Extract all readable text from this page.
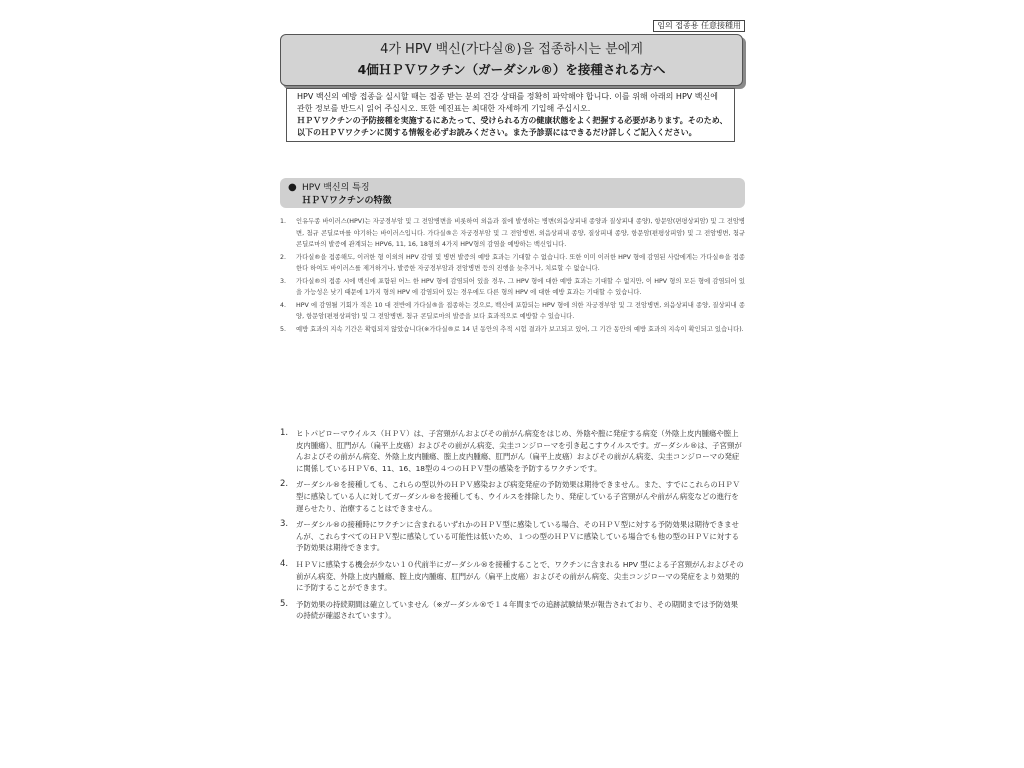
임의 접종용 任意接種用
4가 HPV 백신(가다실®)을 접종하시는 분에게
4価ＨＰＶワクチン（ガーダシル®）を接種される方へ

HPV 백신의 예방 접종을 실시할 때는 접종 받는 분의 건강 상태를 정확히 파악해야 합니다. 이를 위해 아래의 HPV 백신에 관한 정보를 반드시 읽어 주십시오. 또한 예진표는 최대한 자세하게 기입해 주십시오.

ＨＰＶワクチンの予防接種を実施するにあたって、受けられる方の健康状態をよく把握する必要があります。そのため、以下のＨＰＶワクチンに関する情報を必ずお読みください。また予診票にはできるだけ詳しくご記入ください。

● HPV 백신의 특징
ＨＰＶワクチンの特徴
1. 인유두종 바이러스(HPV)는 자궁경부암 및 그 전암병변을 비롯하여 외음과 질에 발생하는 병변(외음상피내 종양과 질상피내 종양), 항문암(편평상피암) 및 그 전암병변, 첨규 콘딜로마를 야기하는 바이러스입니다. 가다실®은 자궁경부암 및 그 전암병변, 외음상피내 종양, 질상피내 종양, 항문암(편평상피암) 및 그 전암병변, 첨규 콘딜로마의 발증에 관계되는 HPV6, 11, 16, 18형의 4가지 HPV형의 감염을 예방하는 백신입니다.
2. 가다실®을 접종해도, 이러한 형 이외의 HPV 감염 및 병변 발증의 예방 효과는 기대할 수 없습니다. 또한 이미 이러한 HPV 형에 감염된 사람에게는 가다실®을 접종한다 하여도 바이러스를 제거하거나, 발증한 자궁경부암과 전암병변 등의 진행을 늦추거나, 치료할 수 없습니다.
3. 가다실®의 접종 시에 백신에 포함된 어느 한 HPV 형에 감염되어 있을 경우, 그 HPV 형에 대한 예방 효과는 기대할 수 없지만, 이 HPV 형의 모든 형에 감염되어 있을 가능성은 낮기 때문에 1가지 형의 HPV 에 감염되어 있는 경우에도 다른 형의 HPV 에 대한 예방 효과는 기대할 수 있습니다.
4. HPV 에 감염될 기회가 적은 10 대 전반에 가다실®을 접종하는 것으로, 백신에 포함되는 HPV 형에 의한 자궁경부암 및 그 전암병변, 외음상피내 종양, 질상피내 종양, 항문암(편평상피암) 및 그 전암병변, 첨규 콘딜로마의 발증을 보다 효과적으로 예방할 수 있습니다.
5. 예방 효과의 지속 기간은 확립되지 않았습니다(※가다실®로 14 년 동안의 추적 시험 결과가 보고되고 있어, 그 기간 동안의 예방 효과의 지속이 확인되고 있습니다).
1. ヒトパピローマウイルス（ＨＰＶ）は、子宮頸がんおよびその前がん病変をはじめ、外陰や膣に発症する病変（外陰上皮内腫瘍や膣上皮内腫瘍）、肛門がん（扁平上皮癌）およびその前がん病変、尖圭コンジローマを引き起こすウイルスです。ガーダシル®は、子宮頸がんおよびその前がん病変、外陰上皮内腫瘍、膣上皮内腫瘍、肛門がん（扁平上皮癌）およびその前がん病変、尖圭コンジローマの発症に関係しているＨＰＶ6、11、16、18型の４つのＨＰＶ型の感染を予防するワクチンです。
2. ガーダシル®を接種しても、これらの型以外のＨＰＶ感染および病変発症の予防効果は期待できません。また、すでにこれらのＨＰＶ型に感染している人に対してガーダシル®を接種しても、ウイルスを排除したり、発症している子宮頸がんや前がん病変などの進行を遅らせたり、治療することはできません。
3. ガーダシル®の接種時にワクチンに含まれるいずれかのＨＰＶ型に感染している場合、そのＨＰＶ型に対する予防効果は期待できませんが、これらすべてのＨＰＶ型に感染している可能性は低いため、１つの型のＨＰＶに感染している場合でも他の型のＨＰＶに対する予防効果は期待できます。
4. ＨＰＶに感染する機会が少ない１０代前半にガーダシル®を接種することで、ワクチンに含まれる HPV 型による子宮頸がんおよびその前がん病変、外陰上皮内腫瘍、膣上皮内腫瘍、肛門がん（扁平上皮癌）およびその前がん病変、尖圭コンジローマの発症をより効果的に予防することができます。
5. 予防効果の持続期間は確立していません（※ガーダシル®で１４年間までの追跡試験結果が報告されており、その期間までは予防効果の持続が確認されています）。
